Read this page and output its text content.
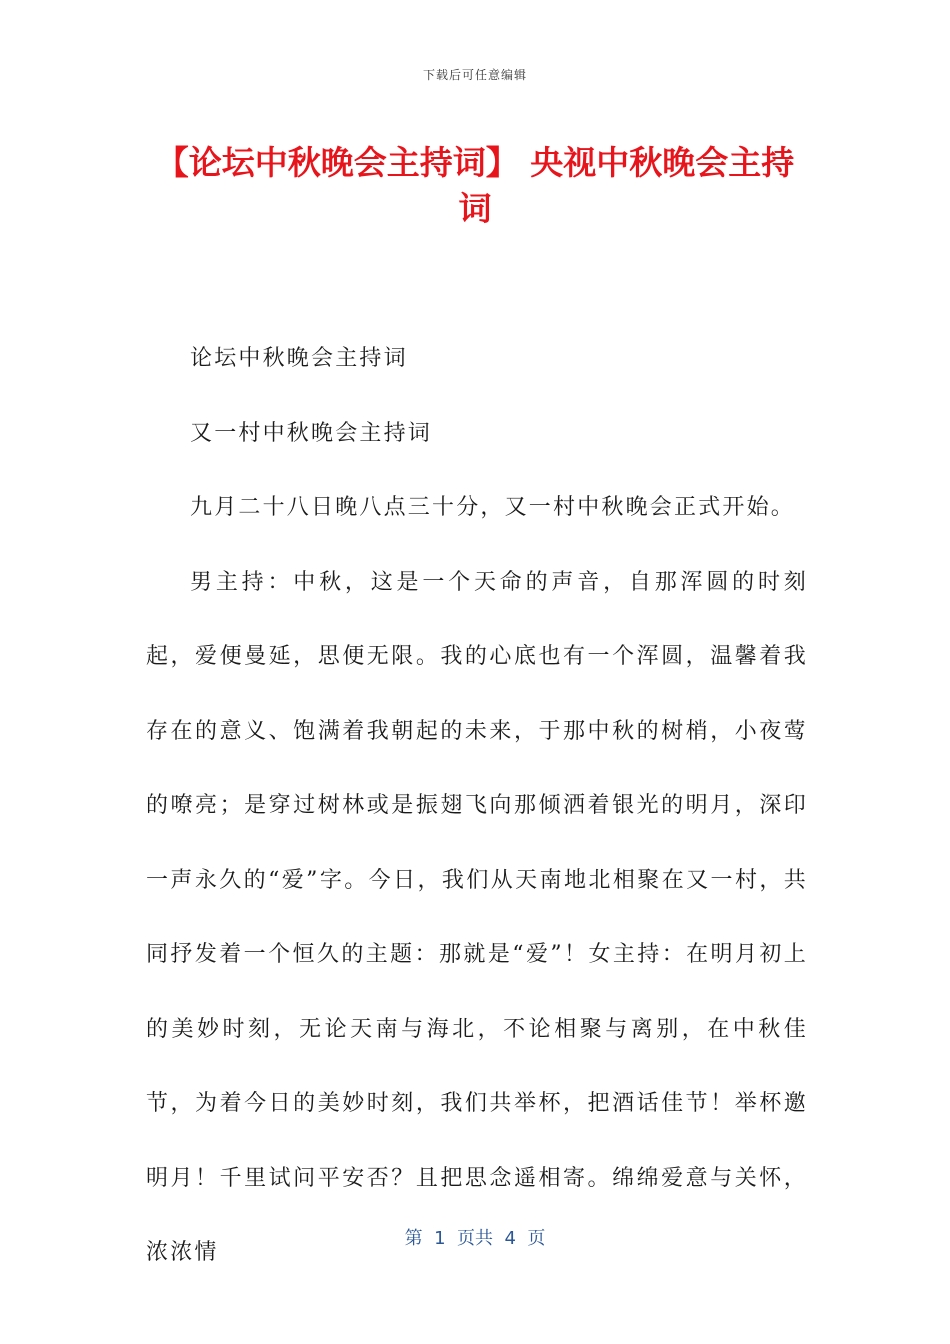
下载后可任意编辑
【论坛中秋晚会主持词】 央视中秋晚会主持词

论坛中秋晚会主持词

又一村中秋晚会主持词

九月二十八日晚八点三十分，又一村中秋晚会正式开始。

男主持：中秋，这是一个天命的声音，自那浑圆的时刻起，爱便曼延，思便无限。我的心底也有一个浑圆，温馨着我存在的意义、饱满着我朝起的未来，于那中秋的树梢，小夜莺的嘹亮；是穿过树林或是振翅飞向那倾洒着银光的明月，深印一声永久的“爱”字。今日，我们从天南地北相聚在又一村，共同抒发着一个恒久的主题：那就是“爱”！女主持：在明月初上的美妙时刻，无论天南与海北，不论相聚与离别，在中秋佳节，为着今日的美妙时刻，我们共举杯，把酒话佳节！举杯邀明月！千里试问平安否？且把思念遥相寄。绵绵爱意与关怀，浓浓情

第  1  页共  4  页
